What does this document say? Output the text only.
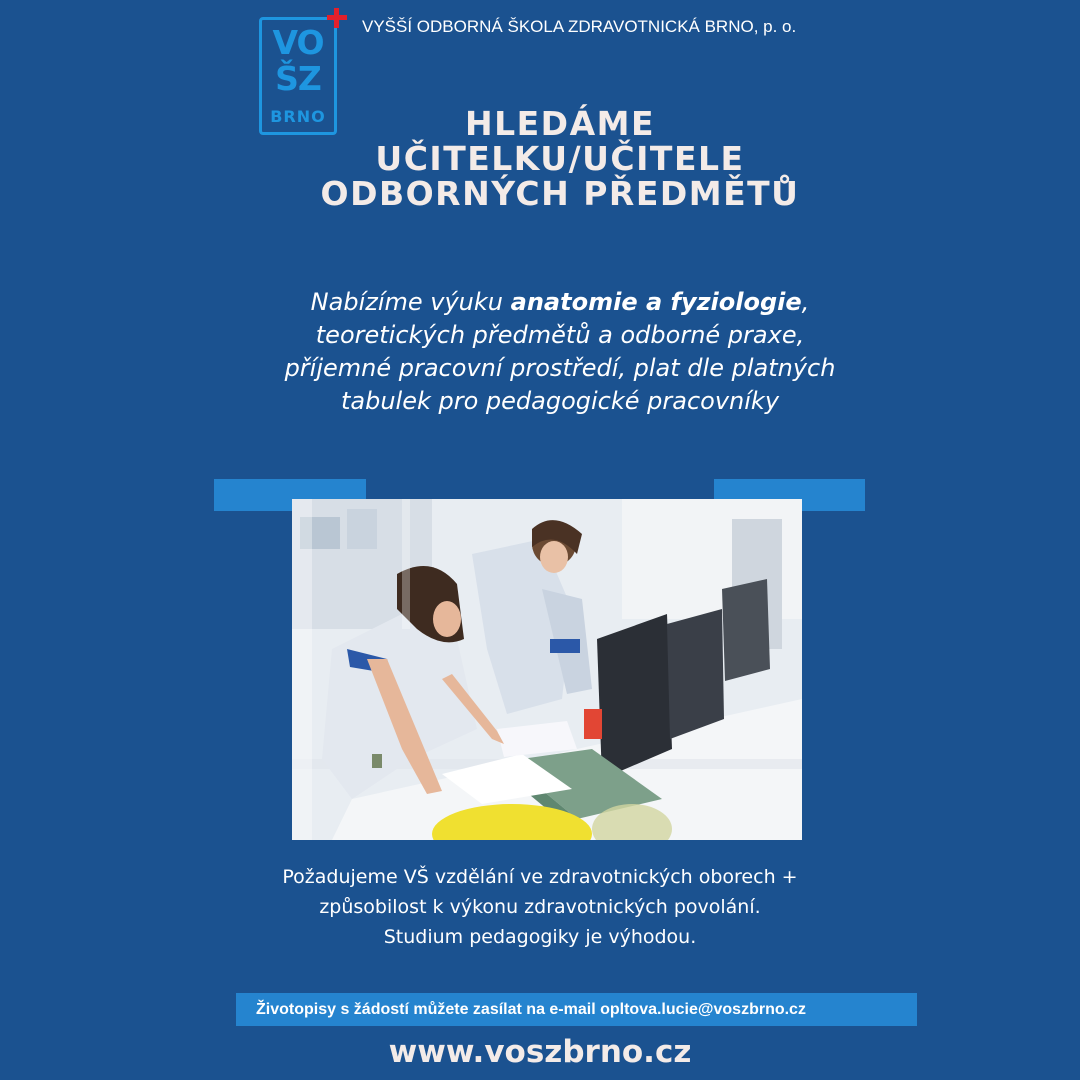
VO
ŠZ
BRNO
VYŠŠÍ ODBORNÁ ŠKOLA ZDRAVOTNICKÁ BRNO, p. o.
HLEDÁME
UČITELKU/UČITELE
ODBORNÝCH PŘEDMĚTŮ
Nabízíme výuku anatomie a fyziologie, teoretických předmětů a odborné praxe, příjemné pracovní prostředí, plat dle platných tabulek pro pedagogické pracovníky
Požadujeme VŠ vzdělání ve zdravotnických oborech + způsobilost k výkonu zdravotnických povolání. Studium pedagogiky je výhodou.
Životopisy s žádostí můžete zasílat na e-mail opltova.lucie@voszbrno.cz
www.voszbrno.cz
